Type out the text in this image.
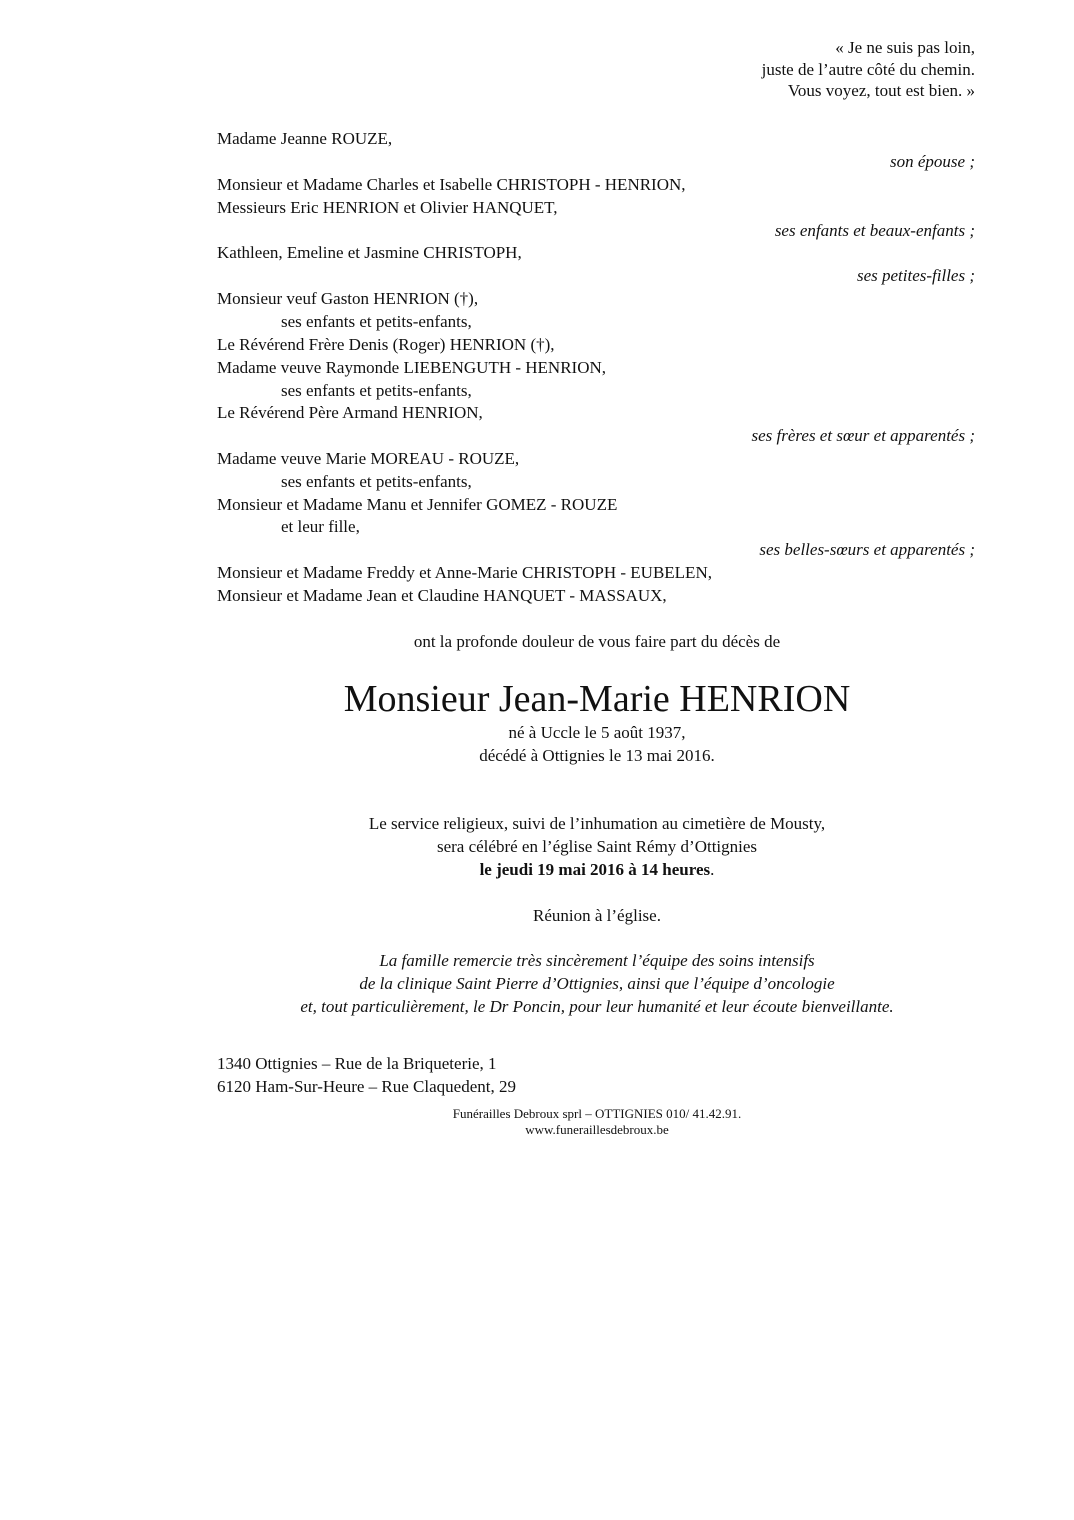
« Je ne suis pas loin,
juste de l’autre côté du chemin.
Vous voyez, tout est bien. »
Madame Jeanne ROUZE,
son épouse ;
Monsieur et Madame Charles et Isabelle CHRISTOPH - HENRION,
Messieurs Eric HENRION et Olivier HANQUET,
ses enfants et beaux-enfants ;
Kathleen, Emeline et Jasmine CHRISTOPH,
ses petites-filles ;
Monsieur veuf Gaston HENRION (†),
ses enfants et petits-enfants,
Le Révérend Frère Denis (Roger) HENRION (†),
Madame veuve Raymonde LIEBENGUTH - HENRION,
ses enfants et petits-enfants,
Le Révérend Père Armand HENRION,
ses frères et sœur et apparentés ;
Madame veuve Marie MOREAU - ROUZE,
ses enfants et petits-enfants,
Monsieur et Madame Manu et Jennifer GOMEZ - ROUZE
et leur fille,
ses belles-sœurs et apparentés ;
Monsieur et Madame Freddy et Anne-Marie CHRISTOPH - EUBELEN,
Monsieur et Madame Jean et Claudine HANQUET - MASSAUX,
ont la profonde douleur de vous faire part du décès de
Monsieur Jean-Marie HENRION
né à Uccle le 5 août 1937,
décédé à Ottignies le 13 mai 2016.
Le service religieux, suivi de l’inhumation au cimetière de Mousty,
sera célébré en l’église Saint Rémy d’Ottignies
le jeudi 19 mai 2016 à 14 heures.
Réunion à l’église.
La famille remercie très sincèrement l’équipe des soins intensifs
de la clinique Saint Pierre d’Ottignies, ainsi que l’équipe d’oncologie
et, tout particulièrement, le Dr Poncin, pour leur humanité et leur écoute bienveillante.
1340 Ottignies – Rue de la Briqueterie, 1
6120 Ham-Sur-Heure – Rue Claquedent, 29
Funérailles Debroux sprl – OTTIGNIES 010/ 41.42.91.
www.funeraillesdebroux.be
